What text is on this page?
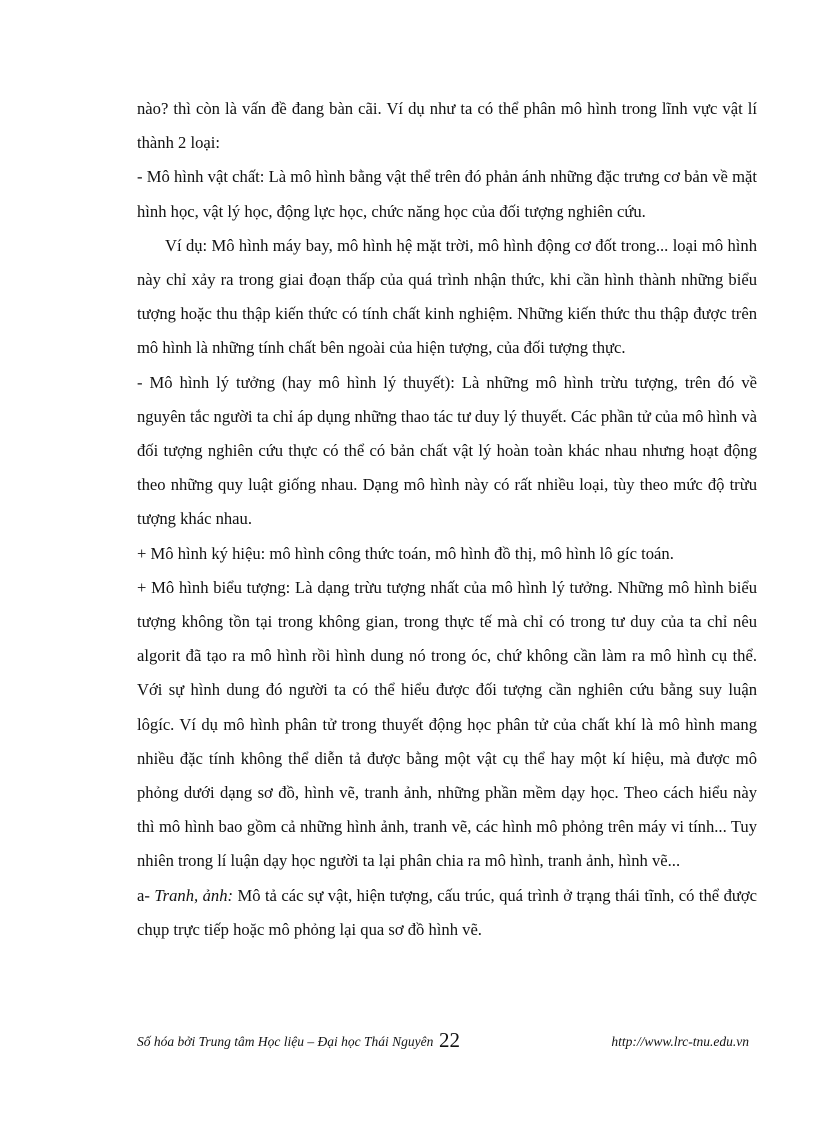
nào? thì còn là vấn đề đang bàn cãi. Ví dụ như ta có thể phân mô hình trong lĩnh vực vật lí thành 2 loại:

- Mô hình vật chất: Là mô hình bằng vật thể trên đó phản ánh những đặc trưng cơ bản về mặt hình học, vật lý học, động lực học, chức năng học của đối tượng nghiên cứu.

Ví dụ: Mô hình máy bay, mô hình hệ mặt trời, mô hình động cơ đốt trong... loại mô hình này chỉ xảy ra trong giai đoạn thấp của quá trình nhận thức, khi cần hình thành những biểu tượng hoặc thu thập kiến thức có tính chất kinh nghiệm. Những kiến thức thu thập được trên mô hình là những tính chất bên ngoài của hiện tượng, của đối tượng thực.

- Mô hình lý tưởng (hay mô hình lý thuyết): Là những mô hình trừu tượng, trên đó về nguyên tắc người ta chỉ áp dụng những thao tác tư duy lý thuyết. Các phần tử của mô hình và đối tượng nghiên cứu thực có thể có bản chất vật lý hoàn toàn khác nhau nhưng hoạt động theo những quy luật giống nhau. Dạng mô hình này có rất nhiều loại, tùy theo mức độ trừu tượng khác nhau.

+ Mô hình ký hiệu: mô hình công thức toán, mô hình đồ thị, mô hình lô gíc toán.

+ Mô hình biểu tượng: Là dạng trừu tượng nhất của mô hình lý tưởng. Những mô hình biểu tượng không tồn tại trong không gian, trong thực tế mà chỉ có trong tư duy của ta chỉ nêu algorit đã tạo ra mô hình rồi hình dung nó trong óc, chứ không cần làm ra mô hình cụ thể. Với sự hình dung đó người ta có thể hiểu được đối tượng cần nghiên cứu bằng suy luận lôgíc. Ví dụ mô hình phân tử trong thuyết động học phân tử của chất khí là mô hình mang nhiều đặc tính không thể diễn tả được bằng một vật cụ thể hay một kí hiệu, mà được mô phỏng dưới dạng sơ đồ, hình vẽ, tranh ảnh, những phần mềm dạy học. Theo cách hiểu này thì mô hình bao gồm cả những hình ảnh, tranh vẽ, các hình mô phỏng trên máy vi tính... Tuy nhiên trong lí luận dạy học người ta lại phân chia ra mô hình, tranh ảnh, hình vẽ...

a- Tranh, ảnh: Mô tả các sự vật, hiện tượng, cấu trúc, quá trình ở trạng thái tĩnh, có thể được chụp trực tiếp hoặc mô phỏng lại qua sơ đồ hình vẽ.

Số hóa bởi Trung tâm Học liệu – Đại học Thái Nguyên 22	http://www.lrc-tnu.edu.vn
